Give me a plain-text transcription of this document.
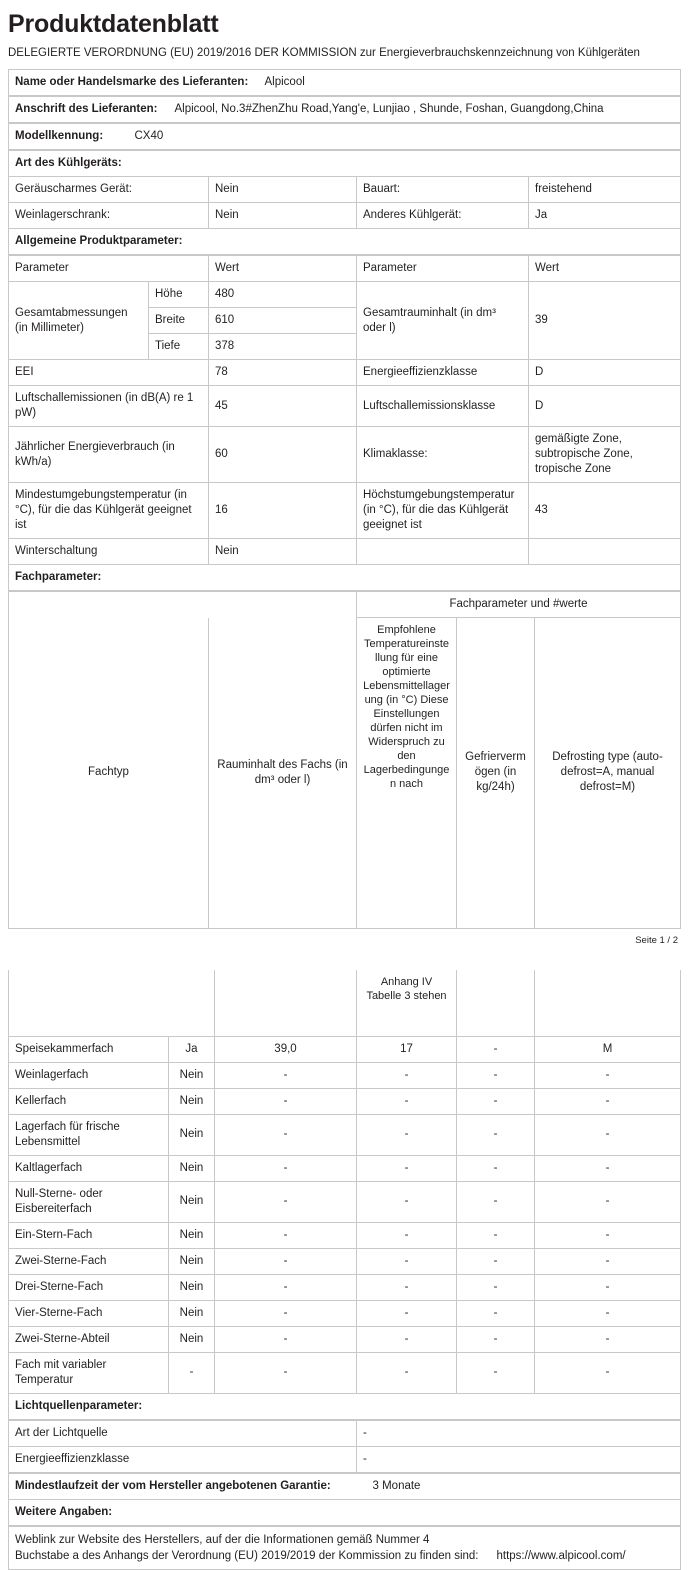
Produktdatenblatt
DELEGIERTE VERORDNUNG (EU) 2019/2016 DER KOMMISSION zur Energieverbrauchskennzeichnung von Kühlgeräten
Name oder Handelsmarke des Lieferanten:	Alpicool
Anschrift des Lieferanten:	Alpicool, No.3#ZhenZhu Road,Yang'e, Lunjiao , Shunde, Foshan, Guangdong,China
Modellkennung:	CX40
Art des Kühlgeräts:			
Geräuscharmes Gerät:	Nein	Bauart:	freistehend
Weinlagerschrank:	Nein	Anderes Kühlgerät:	Ja
Allgemeine Produktparameter:			
Parameter		Wert	Parameter	Wert
Gesamtabmessungen (in Millimeter)	Höhe	480	Gesamtrauminhalt (in dm³ oder l)	39
	Breite	610		
	Tiefe	378		
EEI		78	Energieeffizienzklasse	D
Luftschallemissionen (in dB(A) re 1 pW)		45	Luftschallemissionsklasse	D
Jährlicher Energieverbrauch (in kWh/a)		60	Klimaklasse:	gemäßigte Zone, subtropische Zone, tropische Zone
Mindestumgebungstemperatur (in °C), für die das Kühlgerät geeignet ist		16	Höchstumgebungstemperatur (in °C), für die das Kühlgerät geeignet ist	43
Winterschaltung		Nein		
Fachparameter:				
		Fachparameter und #werte		
Fachtyp	Rauminhalt des Fachs (in dm³ oder l)	Empfohlene Temperatureinstellung für eine optimierte Lebensmittellagerung (in °C) Diese Einstellungen dürfen nicht im Widerspruch zu den Lagerbedingungen nach	Gefriervermögen (in kg/24h)	Defrosting type (auto-defrost=A, manual defrost=M)
Seite 1 / 2
			Anhang IV Tabelle 3 stehen		
Speisekammerfach	Ja	39,0	17	-	M
Weinlagerfach	Nein	-	-	-	-
Kellerfach	Nein	-	-	-	-
Lagerfach für frische Lebensmittel	Nein	-	-	-	-
Kaltlagerfach	Nein	-	-	-	-
Null-Sterne- oder Eisbereiterfach	Nein	-	-	-	-
Ein-Stern-Fach	Nein	-	-	-	-
Zwei-Sterne-Fach	Nein	-	-	-	-
Drei-Sterne-Fach	Nein	-	-	-	-
Vier-Sterne-Fach	Nein	-	-	-	-
Zwei-Sterne-Abteil	Nein	-	-	-	-
Fach mit variabler Temperatur	-	-	-	-	-
Lichtquellenparameter:					
Art der Lichtquelle	-
Energieeffizienzklasse	-
Mindestlaufzeit der vom Hersteller angebotenen Garantie:	3 Monate
Weitere Angaben:
Weblink zur Website des Herstellers, auf der die Informationen gemäß Nummer 4 Buchstabe a des Anhangs der Verordnung (EU) 2019/2019 der Kommission zu finden sind:	https://www.alpicool.com/
